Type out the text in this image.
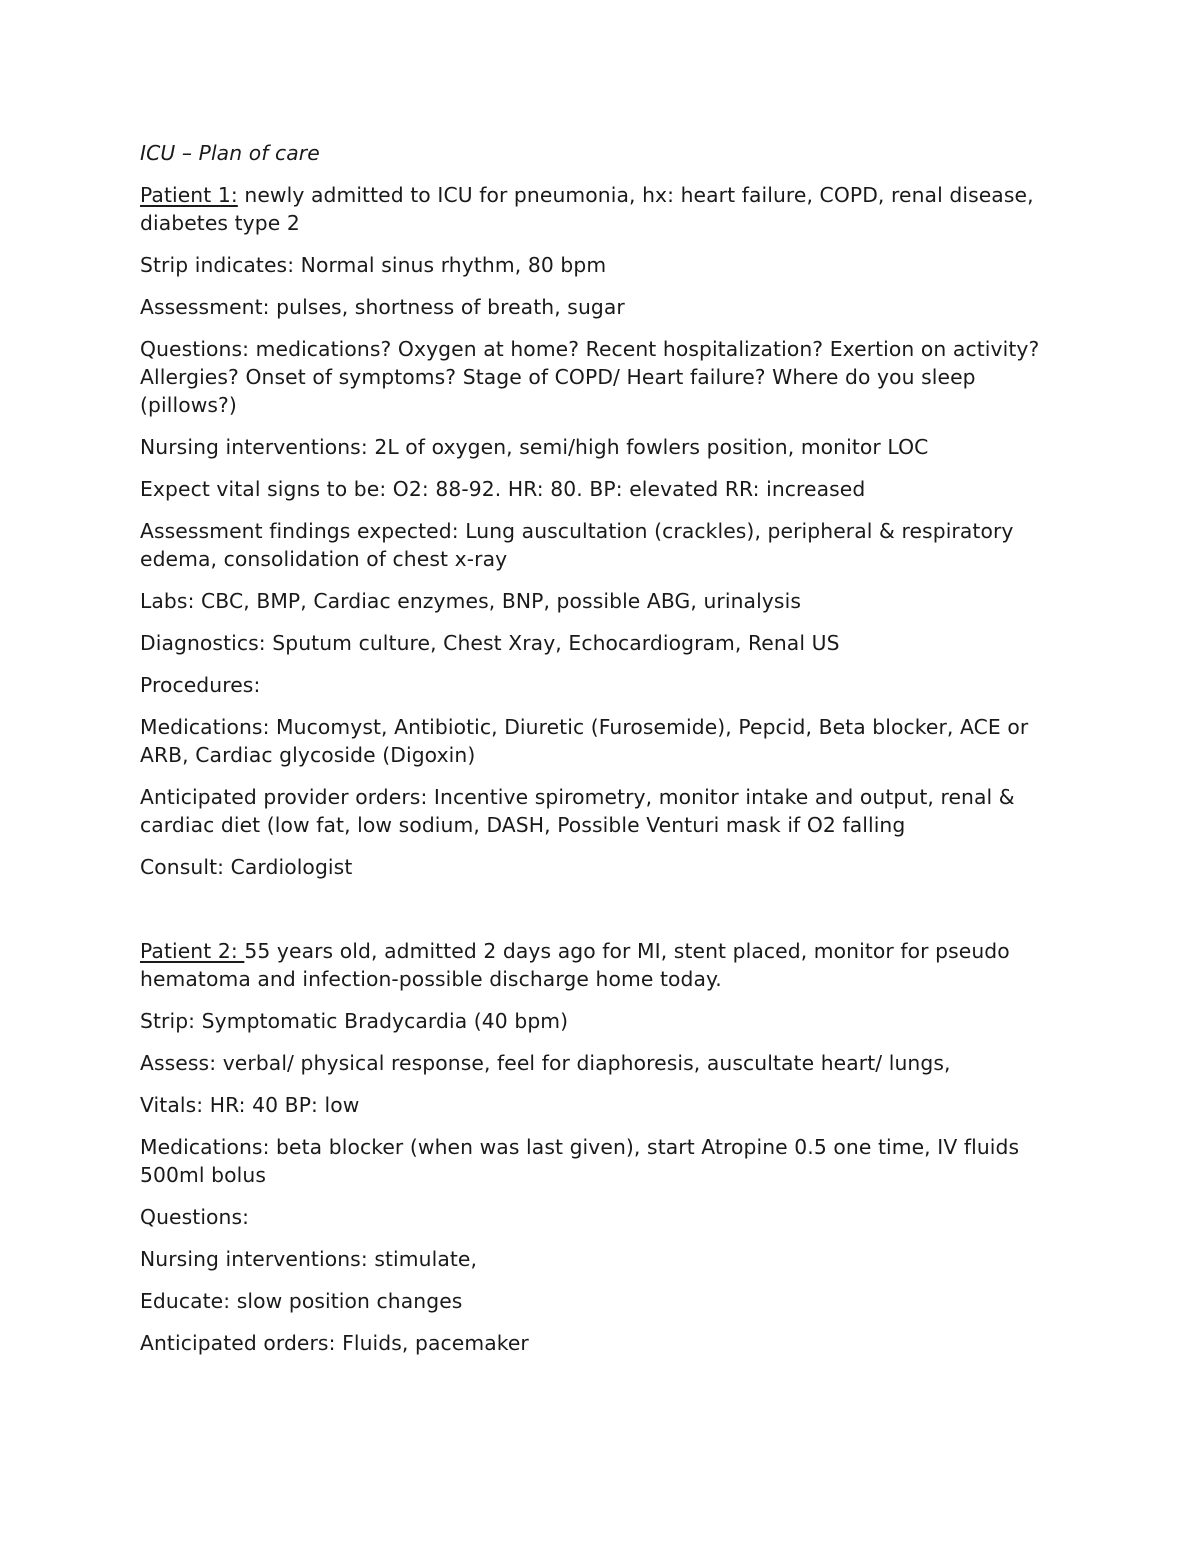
ICU – Plan of care
Patient 1: newly admitted to ICU for pneumonia, hx: heart failure, COPD, renal disease, diabetes type 2
Strip indicates: Normal sinus rhythm, 80 bpm
Assessment: pulses, shortness of breath, sugar
Questions: medications? Oxygen at home? Recent hospitalization? Exertion on activity? Allergies? Onset of symptoms? Stage of COPD/ Heart failure? Where do you sleep (pillows?)
Nursing interventions: 2L of oxygen, semi/high fowlers position, monitor LOC
Expect vital signs to be: O2: 88-92. HR: 80. BP: elevated RR: increased
Assessment findings expected: Lung auscultation (crackles), peripheral & respiratory edema, consolidation of chest x-ray
Labs: CBC, BMP, Cardiac enzymes, BNP, possible ABG, urinalysis
Diagnostics: Sputum culture, Chest Xray, Echocardiogram, Renal US
Procedures:
Medications: Mucomyst, Antibiotic, Diuretic (Furosemide), Pepcid, Beta blocker, ACE or ARB, Cardiac glycoside (Digoxin)
Anticipated provider orders: Incentive spirometry, monitor intake and output, renal & cardiac diet (low fat, low sodium, DASH, Possible Venturi mask if O2 falling
Consult: Cardiologist
Patient 2: 55 years old, admitted 2 days ago for MI, stent placed, monitor for pseudo hematoma and infection-possible discharge home today.
Strip: Symptomatic Bradycardia (40 bpm)
Assess: verbal/ physical response, feel for diaphoresis, auscultate heart/ lungs,
Vitals: HR: 40 BP: low
Medications: beta blocker (when was last given), start Atropine 0.5 one time, IV fluids 500ml bolus
Questions:
Nursing interventions: stimulate,
Educate: slow position changes
Anticipated orders: Fluids, pacemaker
